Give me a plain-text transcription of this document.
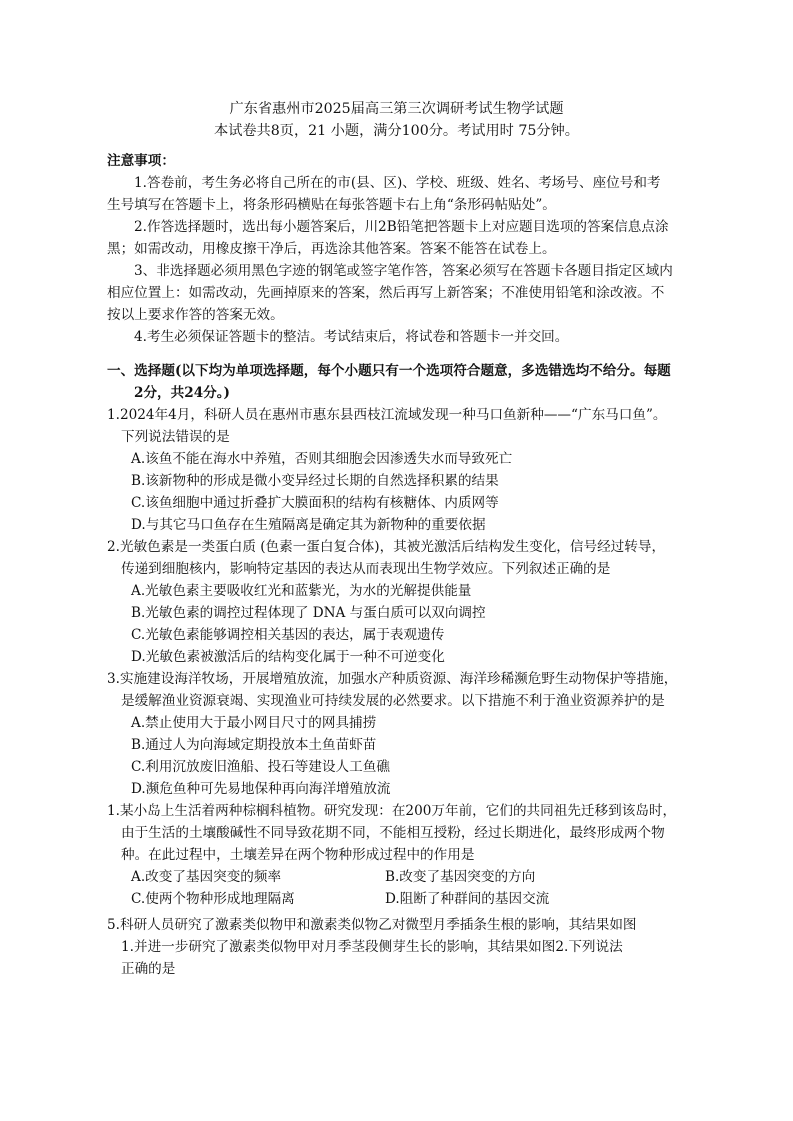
广东省惠州市2025届高三第三次调研考试生物学试题
本试卷共8页，21 小题，满分100分。考试用时 75分钟。
注意事项：
1.答卷前，考生务必将自己所在的市(县、区)、学校、班级、姓名、考场号、座位号和考
生号填写在答题卡上，将条形码横贴在每张答题卡右上角“条形码帖贴处”。
2.作答选择题时，选出每小题答案后，川2B铅笔把答题卡上对应题目选项的答案信息点涂
黑；如需改动，用橡皮擦干净后，再选涂其他答案。答案不能答在试卷上。
3、非选择题必须用黑色字迹的钢笔或签字笔作答，答案必须写在答题卡各题目指定区域内
相应位置上：如需改动，先画掉原来的答案，然后再写上新答案；不准使用铅笔和涂改液。不
按以上要求作答的答案无效。
4.考生必须保证答题卡的整洁。考试结束后，将试卷和答题卡一并交回。
一、选择题(以下均为单项选择题，每个小题只有一个选项符合题意，多选错选均不给分。每题
2分，共24分。)
1.2024年4月，科研人员在惠州市惠东县西枝江流域发现一种马口鱼新种——“广东马口鱼”。
下列说法错误的是
A.该鱼不能在海水中养殖，否则其细胞会因渗透失水而导致死亡
B.该新物种的形成是微小变异经过长期的自然选择积累的结果
C.该鱼细胞中通过折叠扩大膜面积的结构有核糖体、内质网等
D.与其它马口鱼存在生殖隔离是确定其为新物种的重要依据
2.光敏色素是一类蛋白质 (色素一蛋白复合体)，其被光激活后结构发生变化，信号经过转导，
传递到细胞核内，影响特定基因的表达从而表现出生物学效应。下列叙述正确的是
A.光敏色素主要吸收红光和蓝紫光，为水的光解提供能量
B.光敏色素的调控过程体现了 DNA 与蛋白质可以双向调控
C.光敏色素能够调控相关基因的表达，属于表观遗传
D.光敏色素被激活后的结构变化属于一种不可逆变化
3.实施建设海洋牧场，开展增殖放流，加强水产种质资源、海洋珍稀濒危野生动物保护等措施，
是缓解渔业资源衰竭、实现渔业可持续发展的必然要求。以下措施不利于渔业资源养护的是
A.禁止使用大于最小网目尺寸的网具捕捞
B.通过人为向海域定期投放本土鱼苗虾苗
C.利用沉放废旧渔船、投石等建设人工鱼礁
D.濒危鱼种可先易地保种再向海洋增殖放流
1.某小岛上生活着两种棕榈科植物。研究发现：在200万年前，它们的共同祖先迁移到该岛时，
由于生活的土壤酸碱性不同导致花期不同，不能相互授粉，经过长期进化，最终形成两个物
种。在此过程中，土壤差异在两个物种形成过程中的作用是
A.改变了基因突变的频率	B.改变了基因突变的方向
C.使两个物种形成地理隔离	D.阻断了种群间的基因交流
5.科研人员研究了激素类似物甲和激素类似物乙对微型月季插条生根的影响，其结果如图
1.并进一步研究了激素类似物甲对月季茎段侧芽生长的影响，其结果如图2.下列说法
正确的是
